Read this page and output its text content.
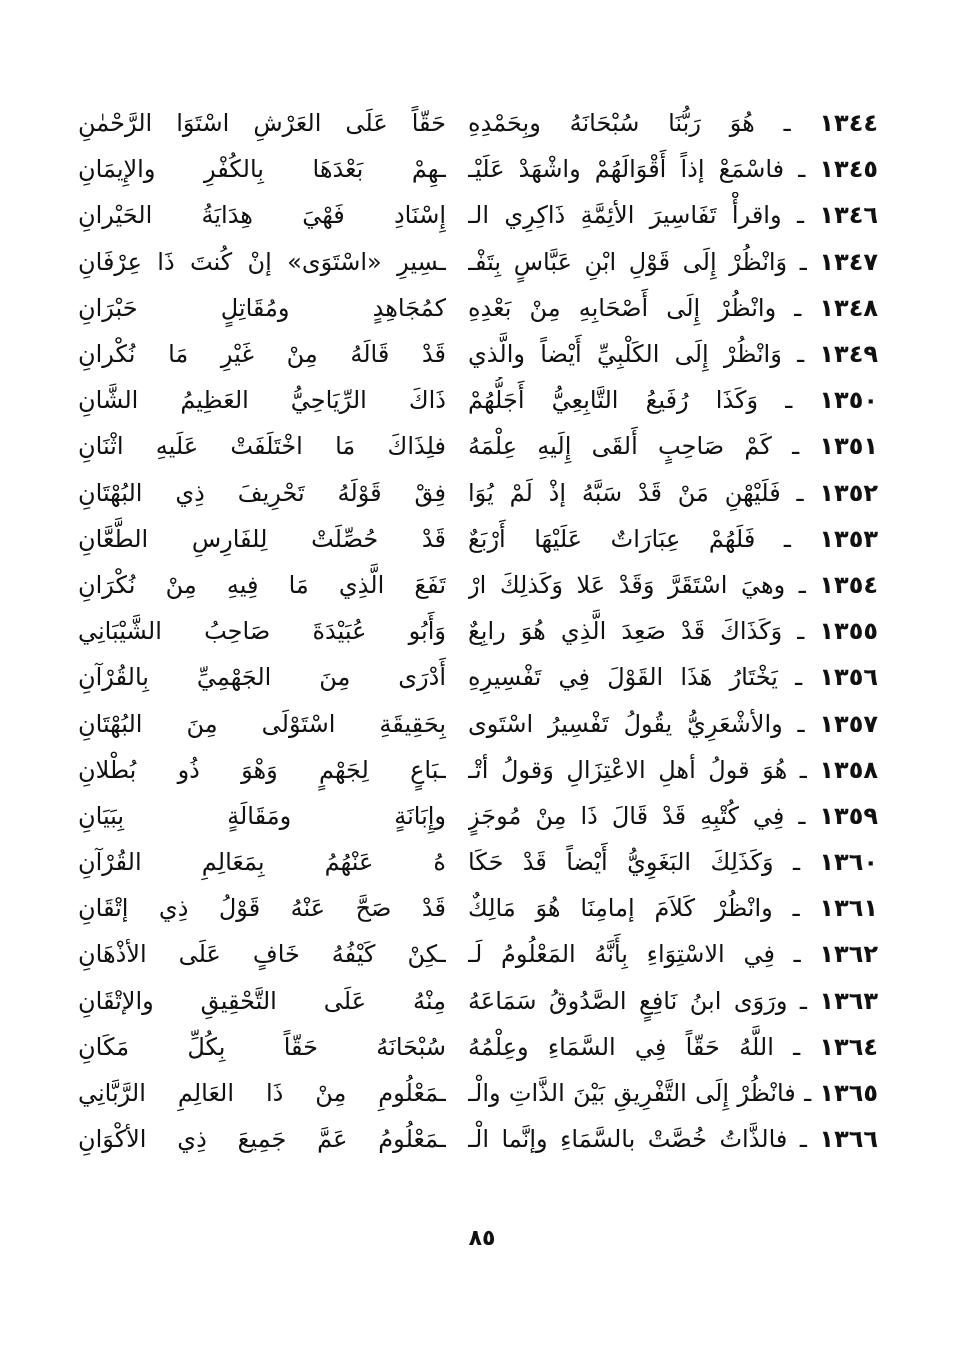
١٣٤٤ ـ هُوَ رَبُّنَا سُبْحَانَهُ وبِحَمْدِهِ
حَقّاً عَلَى العَرْشِ اسْتَوَا الرَّحْمٰنِ
١٣٤٥ ـ فاسْمَعْ إذاً أَقْوَالَهُمْ واشْهَدْ عَلَيْـ
ـهِمْ بَعْدَهَا بِالكُفْرِ والإِيمَانِ
١٣٤٦ ـ واقرأْ تَفَاسِيرَ الأئِمَّةِ ذَاكِرِي الـ
إِسْنَادِ فَهْيَ هِدَايَةُ الحَيْرانِ
١٣٤٧ ـ وَانْظُرْ إِلَى قَوْلِ ابْنِ عَبَّاسٍ بِتَفْـ
ـسِيرِ «اسْتَوَى» إنْ كُنتَ ذَا عِرْفَانِ
١٣٤٨ ـ وانْظُرْ إِلَى أَصْحَابِهِ مِنْ بَعْدِهِ
كمُجَاهِدٍ ومُقَاتِلٍ حَبْرَانِ
١٣٤٩ ـ وَانْظُرْ إِلَى الكَلْبِيِّ أَيْضاً والَّذي
قَدْ قَالَهُ مِنْ غَيْرِ مَا نُكْرانِ
١٣٥٠ ـ وَكَذَا رُفَيعُ التَّابِعِيُّ أَجَلُّهُمْ
ذَاكَ الرِّيَاحِيُّ العَظِيمُ الشَّانِ
١٣٥١ ـ كَمْ صَاحِبٍ أَلقَى إِلَيهِ عِلْمَهُ
فلِذَاكَ مَا اخْتَلَفَتْ عَلَيهِ اثْنَانِ
١٣٥٢ ـ فَلَيْهْنِ مَنْ قَدْ سَبَّهُ إذْ لَمْ يُوَا
فِقْ قَوْلَهُ تَحْرِيفَ ذِي البُهْتَانِ
١٣٥٣ ـ فَلَهُمْ عِبَارَاتٌ عَلَيْهَا أَرْبَعٌ
قَدْ حُصِّلَتْ لِلفَارِسِ الطَّعَّانِ
١٣٥٤ ـ وهيَ اسْتَقَرَّ وَقَدْ عَلا وَكَذلِكَ ارْ
تَفَعَ الَّذِي مَا فِيهِ مِنْ نُكْرَانِ
١٣٥٥ ـ وَكَذَاكَ قَدْ صَعِدَ الَّذِي هُوَ رابِعٌ
وَأَبُو عُبَيْدَةَ صَاحِبُ الشَّيْبَانِي
١٣٥٦ ـ يَخْتَارُ هَذَا القَوْلَ فِي تَفْسِيرِهِ
أَدْرَى مِنَ الجَهْمِيِّ بِالقُرْآنِ
١٣٥٧ ـ والأشْعَرِيُّ يقُولُ تَفْسِيرُ اسْتَوى
بِحَقِيقَةِ اسْتَوْلَى مِنَ البُهْتَانِ
١٣٥٨ ـ هُوَ قولُ أهلِ الاعْتِزَالِ وَقولُ أتْـ
ـبَاعٍ لِجَهْمٍ وَهْوَ ذُو بُطْلانِ
١٣٥٩ ـ فِي كُتْبِهِ قَدْ قَالَ ذَا مِنْ مُوجَزٍ
وإِبَانَةٍ ومَقَالَةٍ بِبَيَانِ
١٣٦٠ ـ وَكَذَلِكَ البَغَوِيُّ أَيْضاً قَدْ حَكَا
هُ عَنْهُمُ بِمَعَالِمِ القُرْآنِ
١٣٦١ ـ وانْظُرْ كَلاَمَ إمامِنَا هُوَ مَالِكٌ
قَدْ صَحَّ عَنْهُ قَوْلُ ذِي إتْقَانِ
١٣٦٢ ـ فِي الاسْتِوَاءِ بِأَنَّهُ المَعْلُومُ لَـ
ـكِنْ كَيْفُهُ خَافٍ عَلَى الأذْهَانِ
١٣٦٣ ـ ورَوَى ابنُ نَافِعٍ الصَّدُوقُ سَمَاعَهُ
مِنْهُ عَلَى التَّحْقِيقِ والإتْقَانِ
١٣٦٤ ـ اللَّهُ حَقّاً فِي السَّمَاءِ وعِلْمُهُ
سُبْحَانَهُ حَقّاً بِكُلِّ مَكَانِ
١٣٦٥ ـ فانْظُرْ إِلَى التَّفْرِيقِ بَيْنَ الذَّاتِ والْـ
ـمَعْلُومِ مِنْ ذَا العَالِمِ الرَّبَّانِي
١٣٦٦ ـ فالذَّاتُ خُصَّتْ بالسَّمَاءِ وإنَّما الْـ
ـمَعْلُومُ عَمَّ جَمِيعَ ذِي الأكْوَانِ
٨٥
